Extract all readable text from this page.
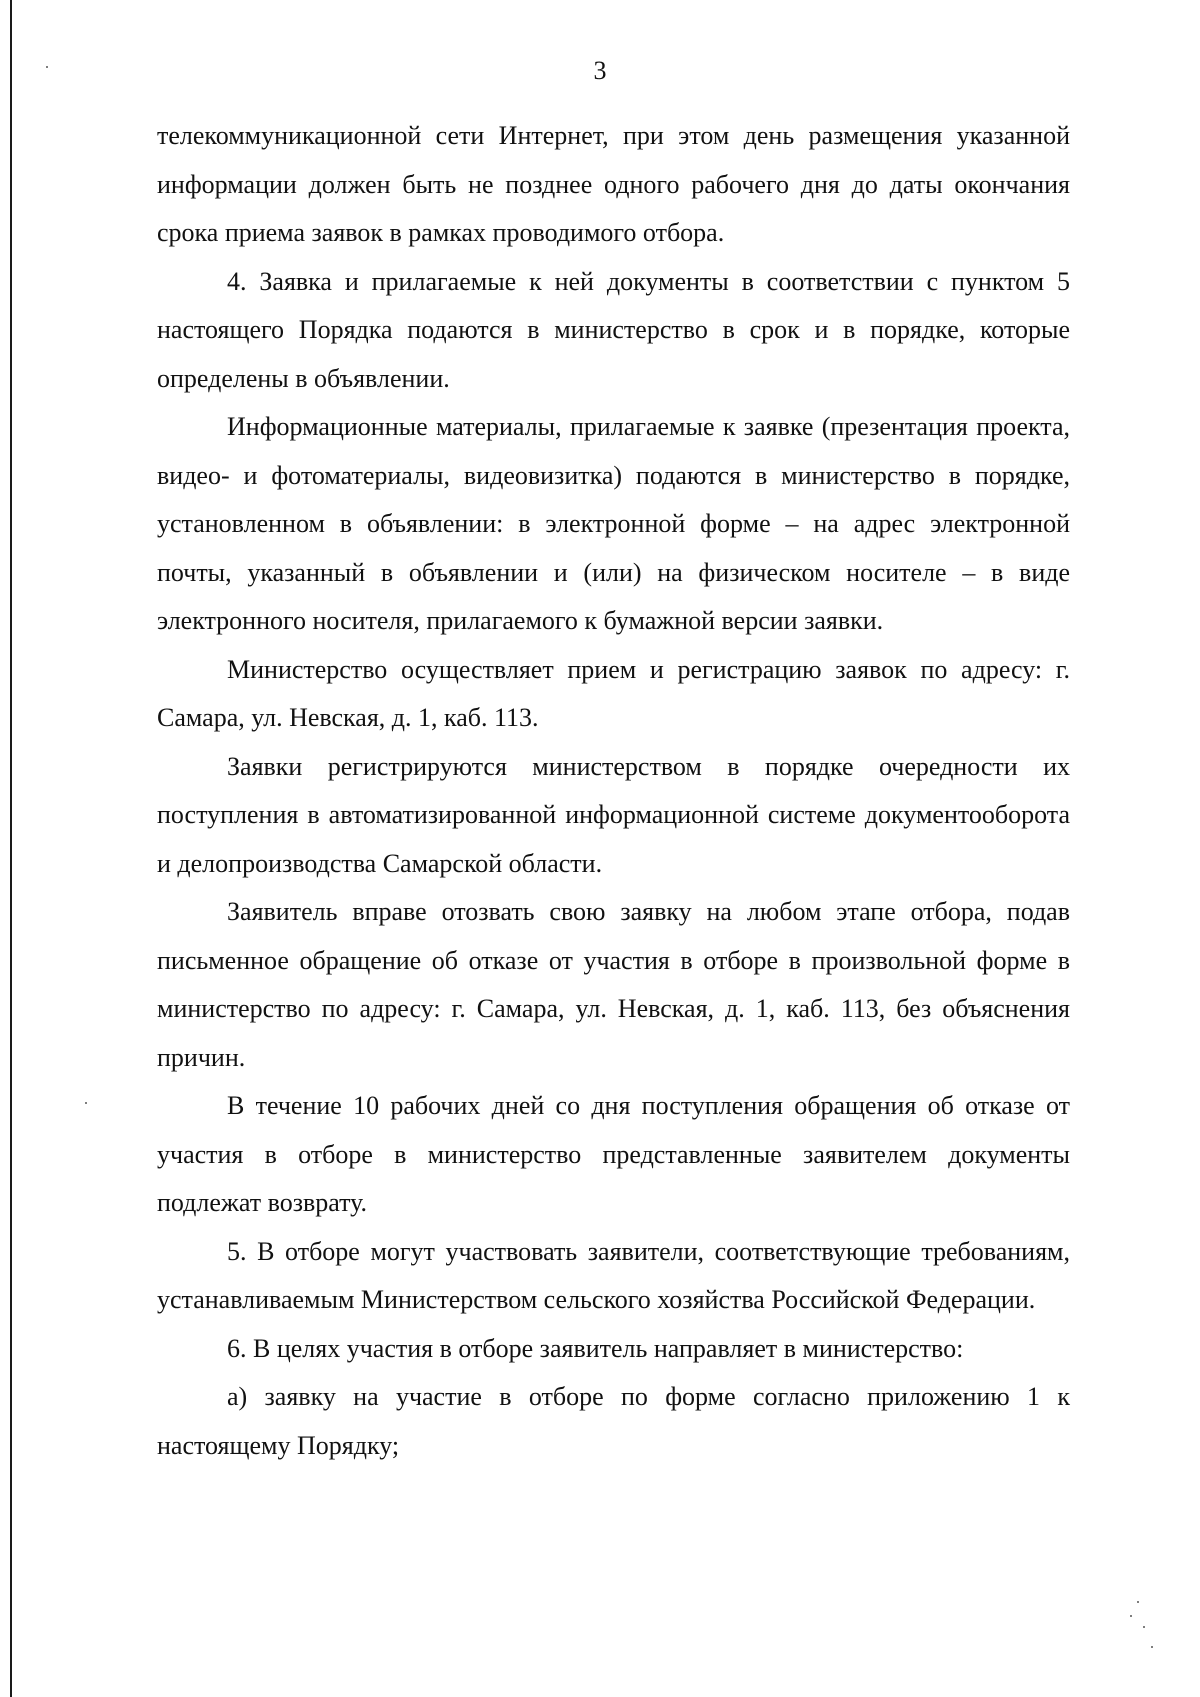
3

телекоммуникационной сети Интернет, при этом день размещения указанной информации должен быть не позднее одного рабочего дня до даты окончания срока приема заявок в рамках проводимого отбора.

4. Заявка и прилагаемые к ней документы в соответствии с пунктом 5 настоящего Порядка подаются в министерство в срок и в порядке, которые определены в объявлении.

Информационные материалы, прилагаемые к заявке (презентация проекта, видео- и фотоматериалы, видеовизитка) подаются в министерство в порядке, установленном в объявлении: в электронной форме – на адрес электронной почты, указанный в объявлении и (или) на физическом носителе – в виде электронного носителя, прилагаемого к бумажной версии заявки.

Министерство осуществляет прием и регистрацию заявок по адресу: г. Самара, ул. Невская, д. 1, каб. 113.

Заявки регистрируются министерством в порядке очередности их поступления в автоматизированной информационной системе документооборота и делопроизводства Самарской области.

Заявитель вправе отозвать свою заявку на любом этапе отбора, подав письменное обращение об отказе от участия в отборе в произвольной форме в министерство по адресу: г. Самара, ул. Невская, д. 1, каб. 113, без объяснения причин.

В течение 10 рабочих дней со дня поступления обращения об отказе от участия в отборе в министерство представленные заявителем документы подлежат возврату.

5. В отборе могут участвовать заявители, соответствующие требованиям, устанавливаемым Министерством сельского хозяйства Российской Федерации.

6. В целях участия в отборе заявитель направляет в министерство:

а) заявку на участие в отборе по форме согласно приложению 1 к настоящему Порядку;
